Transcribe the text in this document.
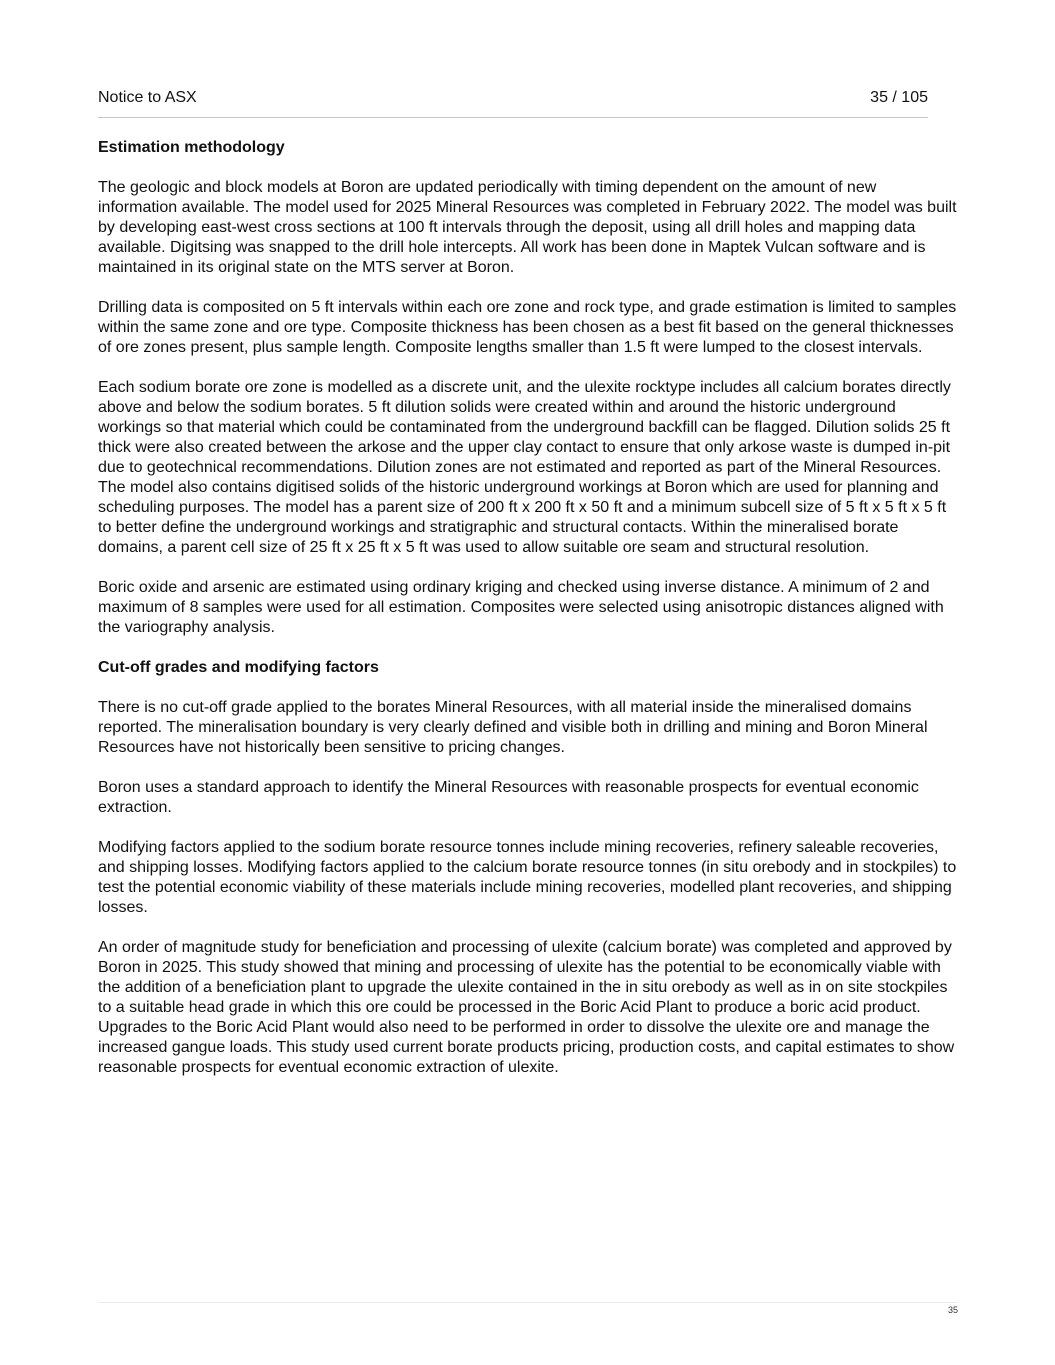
Notice to ASX	35 / 105
Estimation methodology

The geologic and block models at Boron are updated periodically with timing dependent on the amount of new information available. The model used for 2025 Mineral Resources was completed in February 2022. The model was built by developing east-west cross sections at 100 ft intervals through the deposit, using all drill holes and mapping data available. Digitsing was snapped to the drill hole intercepts. All work has been done in Maptek Vulcan software and is maintained in its original state on the MTS server at Boron.

Drilling data is composited on 5 ft intervals within each ore zone and rock type, and grade estimation is limited to samples within the same zone and ore type. Composite thickness has been chosen as a best fit based on the general thicknesses of ore zones present, plus sample length. Composite lengths smaller than 1.5 ft were lumped to the closest intervals.

Each sodium borate ore zone is modelled as a discrete unit, and the ulexite rocktype includes all calcium borates directly above and below the sodium borates. 5 ft dilution solids were created within and around the historic underground workings so that material which could be contaminated from the underground backfill can be flagged. Dilution solids 25 ft thick were also created between the arkose and the upper clay contact to ensure that only arkose waste is dumped in-pit due to geotechnical recommendations. Dilution zones are not estimated and reported as part of the Mineral Resources. The model also contains digitised solids of the historic underground workings at Boron which are used for planning and scheduling purposes. The model has a parent size of 200 ft x 200 ft x 50 ft and a minimum subcell size of 5 ft x 5 ft x 5 ft to better define the underground workings and stratigraphic and structural contacts. Within the mineralised borate domains, a parent cell size of 25 ft x 25 ft x 5 ft was used to allow suitable ore seam and structural resolution.

Boric oxide and arsenic are estimated using ordinary kriging and checked using inverse distance. A minimum of 2 and maximum of 8 samples were used for all estimation. Composites were selected using anisotropic distances aligned with the variography analysis.

Cut-off grades and modifying factors

There is no cut-off grade applied to the borates Mineral Resources, with all material inside the mineralised domains reported. The mineralisation boundary is very clearly defined and visible both in drilling and mining and Boron Mineral Resources have not historically been sensitive to pricing changes.

Boron uses a standard approach to identify the Mineral Resources with reasonable prospects for eventual economic extraction.

Modifying factors applied to the sodium borate resource tonnes include mining recoveries, refinery saleable recoveries, and shipping losses. Modifying factors applied to the calcium borate resource tonnes (in situ orebody and in stockpiles) to test the potential economic viability of these materials include mining recoveries, modelled plant recoveries, and shipping losses.

An order of magnitude study for beneficiation and processing of ulexite (calcium borate) was completed and approved by Boron in 2025. This study showed that mining and processing of ulexite has the potential to be economically viable with the addition of a beneficiation plant to upgrade the ulexite contained in the in situ orebody as well as in on site stockpiles to a suitable head grade in which this ore could be processed in the Boric Acid Plant to produce a boric acid product. Upgrades to the Boric Acid Plant would also need to be performed in order to dissolve the ulexite ore and manage the increased gangue loads. This study used current borate products pricing, production costs, and capital estimates to show reasonable prospects for eventual economic extraction of ulexite.

35
